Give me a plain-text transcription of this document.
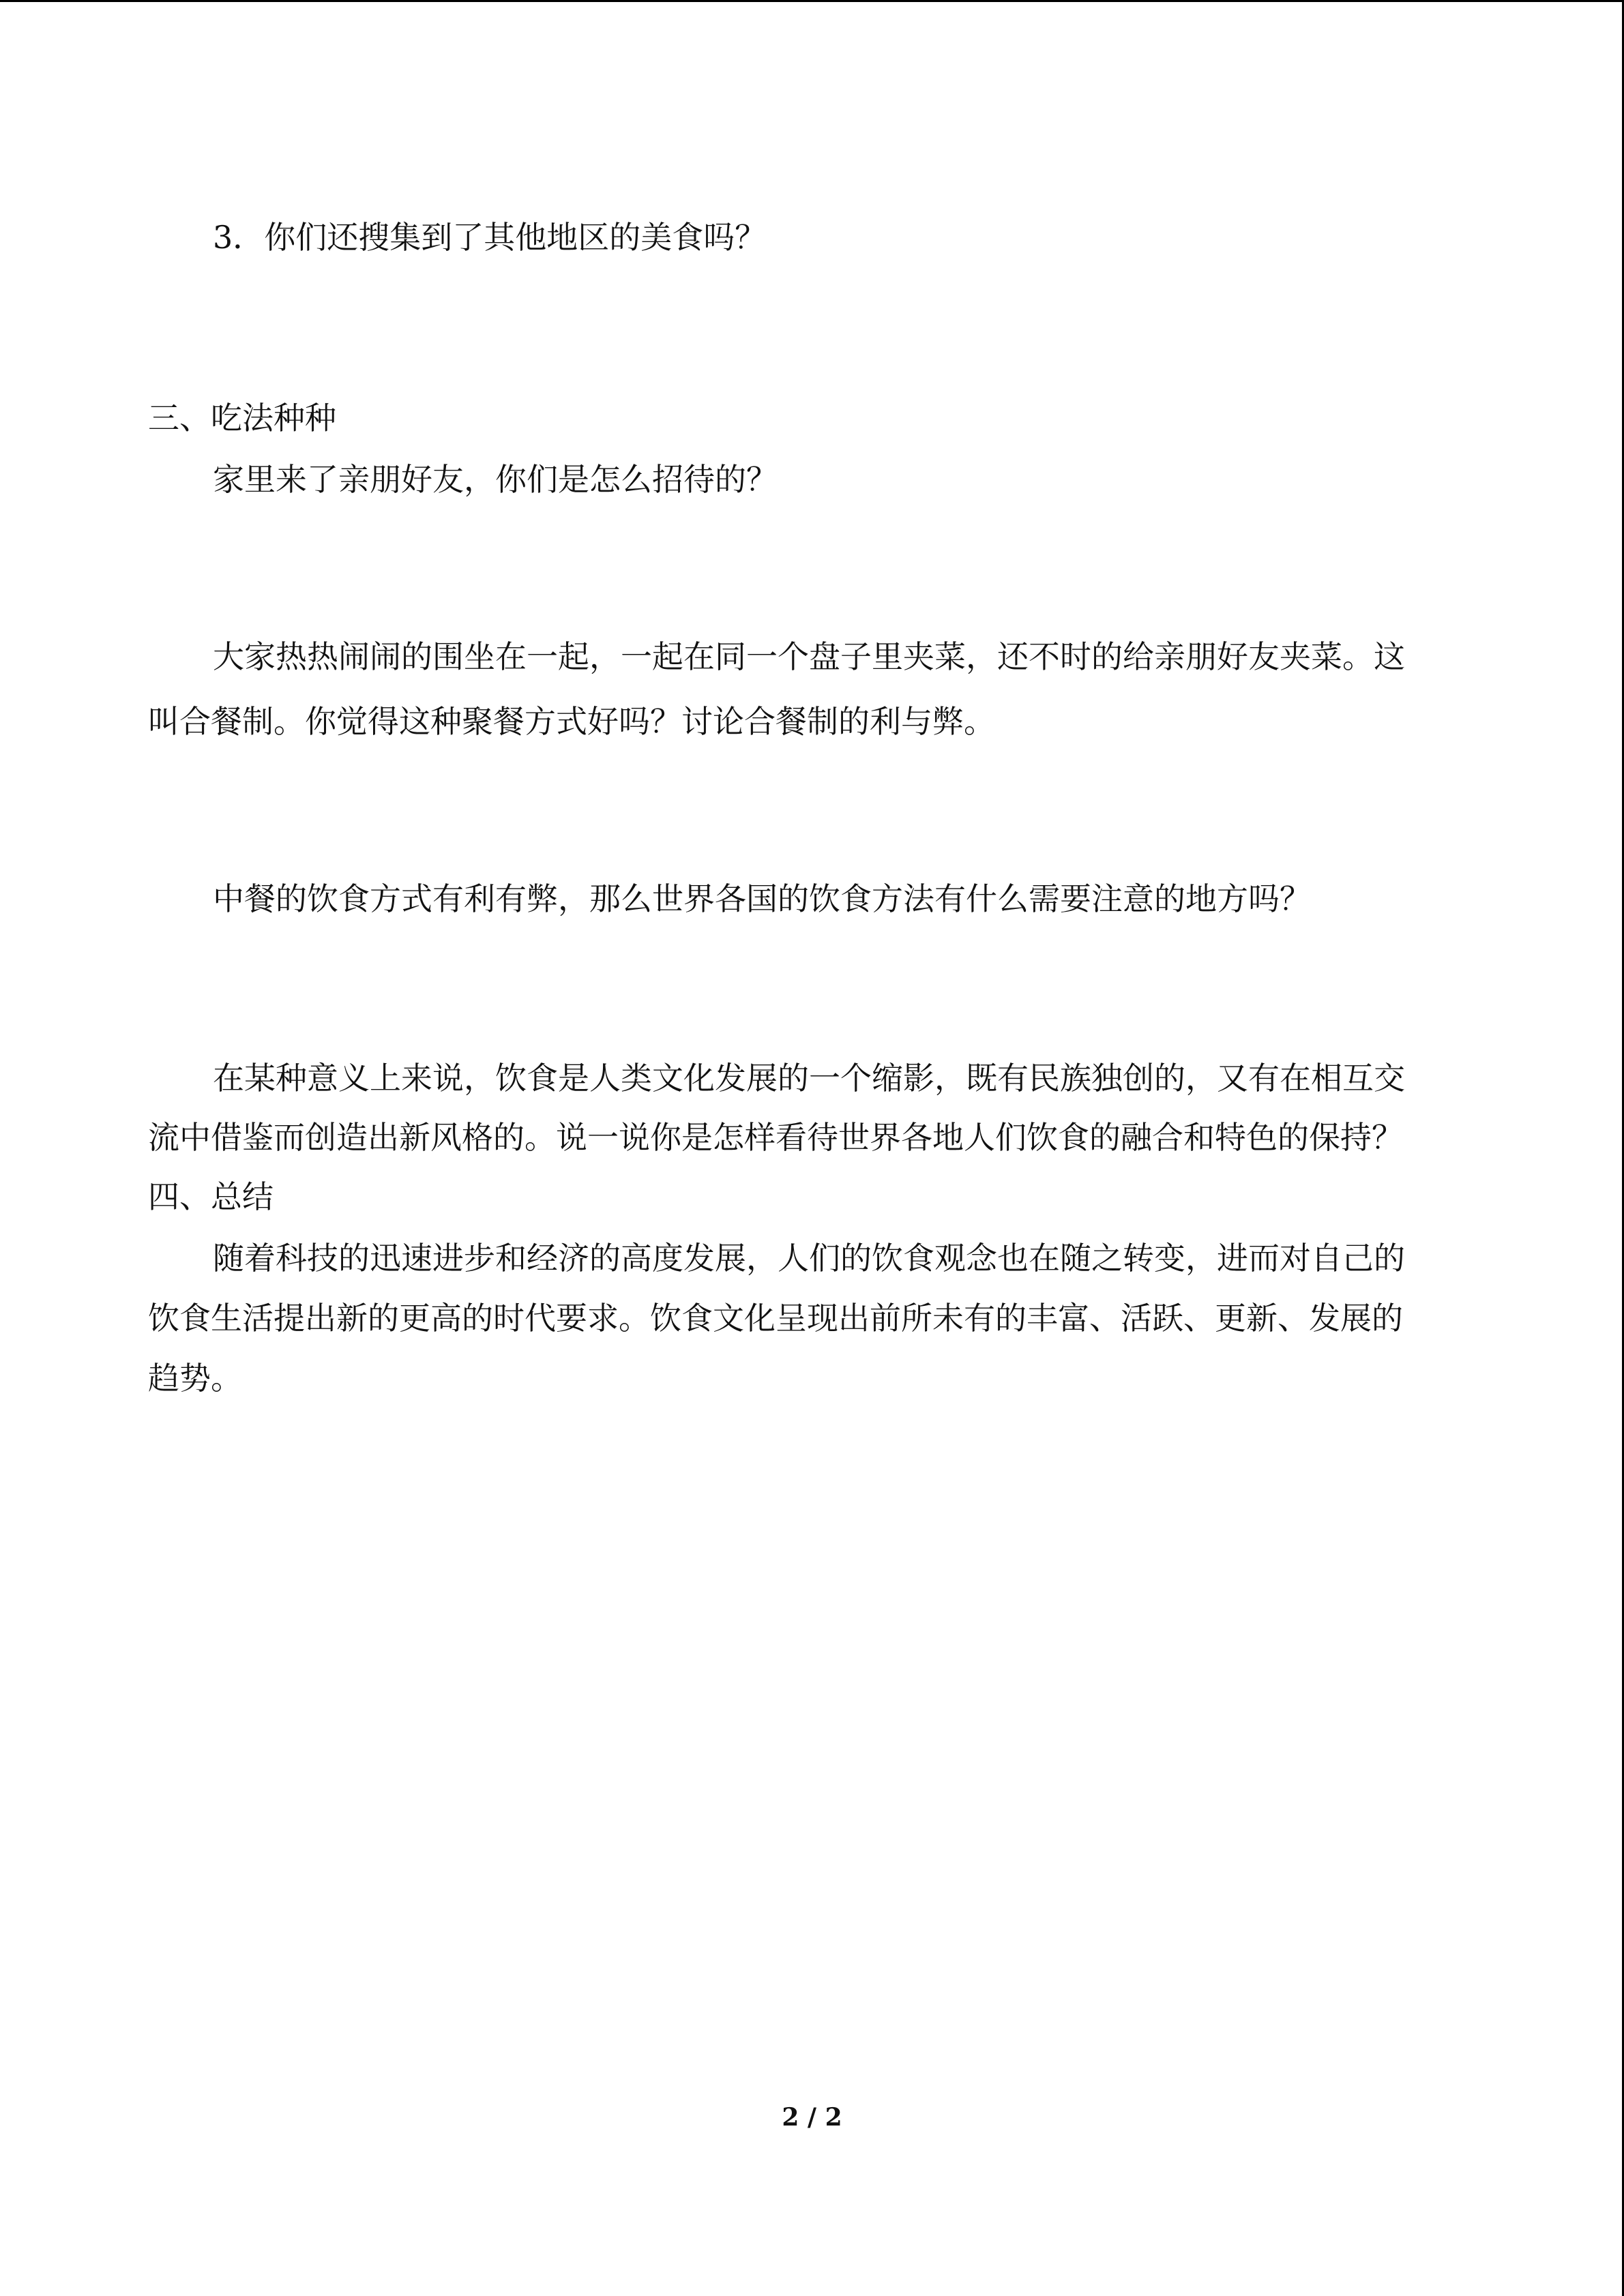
3．你们还搜集到了其他地区的美食吗？

三、吃法种种

家里来了亲朋好友，你们是怎么招待的？

大家热热闹闹的围坐在一起，一起在同一个盘子里夹菜，还不时的给亲朋好友夹菜。这

叫合餐制。你觉得这种聚餐方式好吗？讨论合餐制的利与弊。

中餐的饮食方式有利有弊，那么世界各国的饮食方法有什么需要注意的地方吗？

在某种意义上来说，饮食是人类文化发展的一个缩影，既有民族独创的，又有在相互交

流中借鉴而创造出新风格的。说一说你是怎样看待世界各地人们饮食的融合和特色的保持？

四、总结

随着科技的迅速进步和经济的高度发展，人们的饮食观念也在随之转变，进而对自己的

饮食生活提出新的更高的时代要求。饮食文化呈现出前所未有的丰富、活跃、更新、发展的

趋势。

2 / 2
